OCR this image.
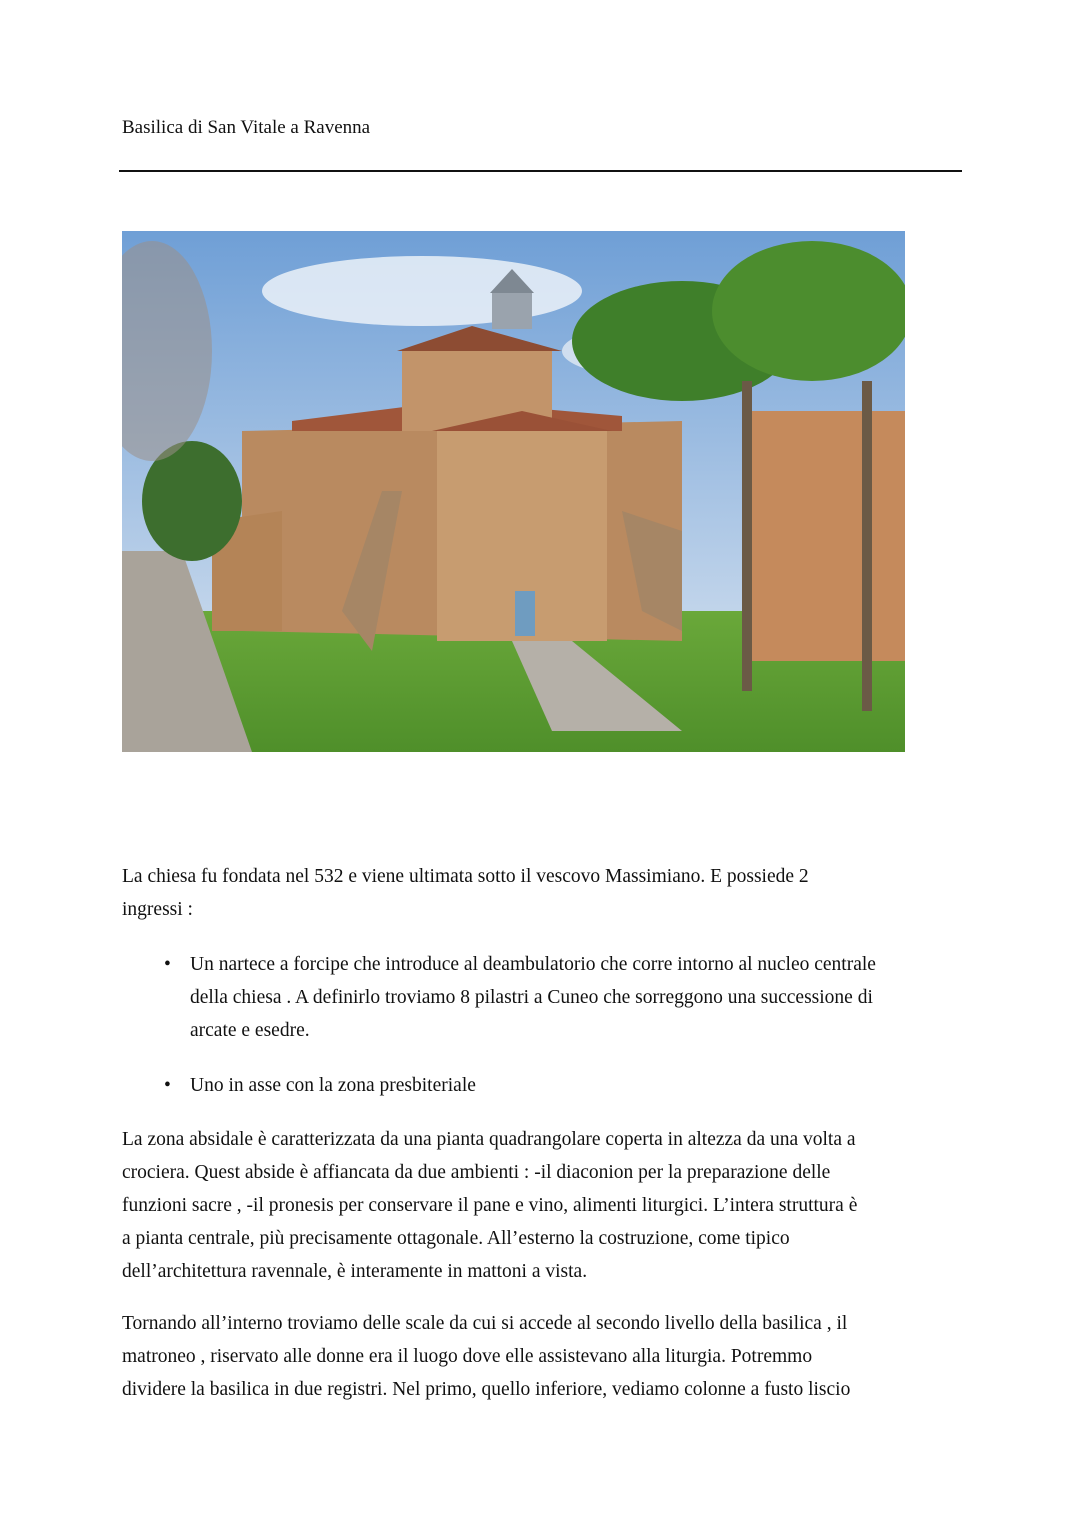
Basilica di San Vitale a Ravenna
La chiesa fu fondata nel 532 e viene ultimata sotto il vescovo Massimiano. E possiede 2
ingressi :
• Un nartece a forcipe che introduce al deambulatorio che corre intorno al nucleo centrale
della chiesa . A definirlo troviamo 8 pilastri a Cuneo che sorreggono una successione di
arcate e esedre.
• Uno in asse con la zona presbiteriale
La zona absidale è caratterizzata da una pianta quadrangolare coperta in altezza da una volta a
crociera. Quest abside è affiancata da due ambienti : -il diaconion per la preparazione delle
funzioni sacre , -il pronesis per conservare il pane e vino, alimenti liturgici. L’intera struttura è
a pianta centrale, più precisamente ottagonale. All’esterno la costruzione, come tipico
dell’architettura ravennale, è interamente in mattoni a vista.
Tornando all’interno troviamo delle scale da cui si accede al secondo livello della basilica , il
matroneo , riservato alle donne era il luogo dove elle assistevano alla liturgia. Potremmo
dividere la basilica in due registri. Nel primo, quello inferiore, vediamo colonne a fusto liscio
